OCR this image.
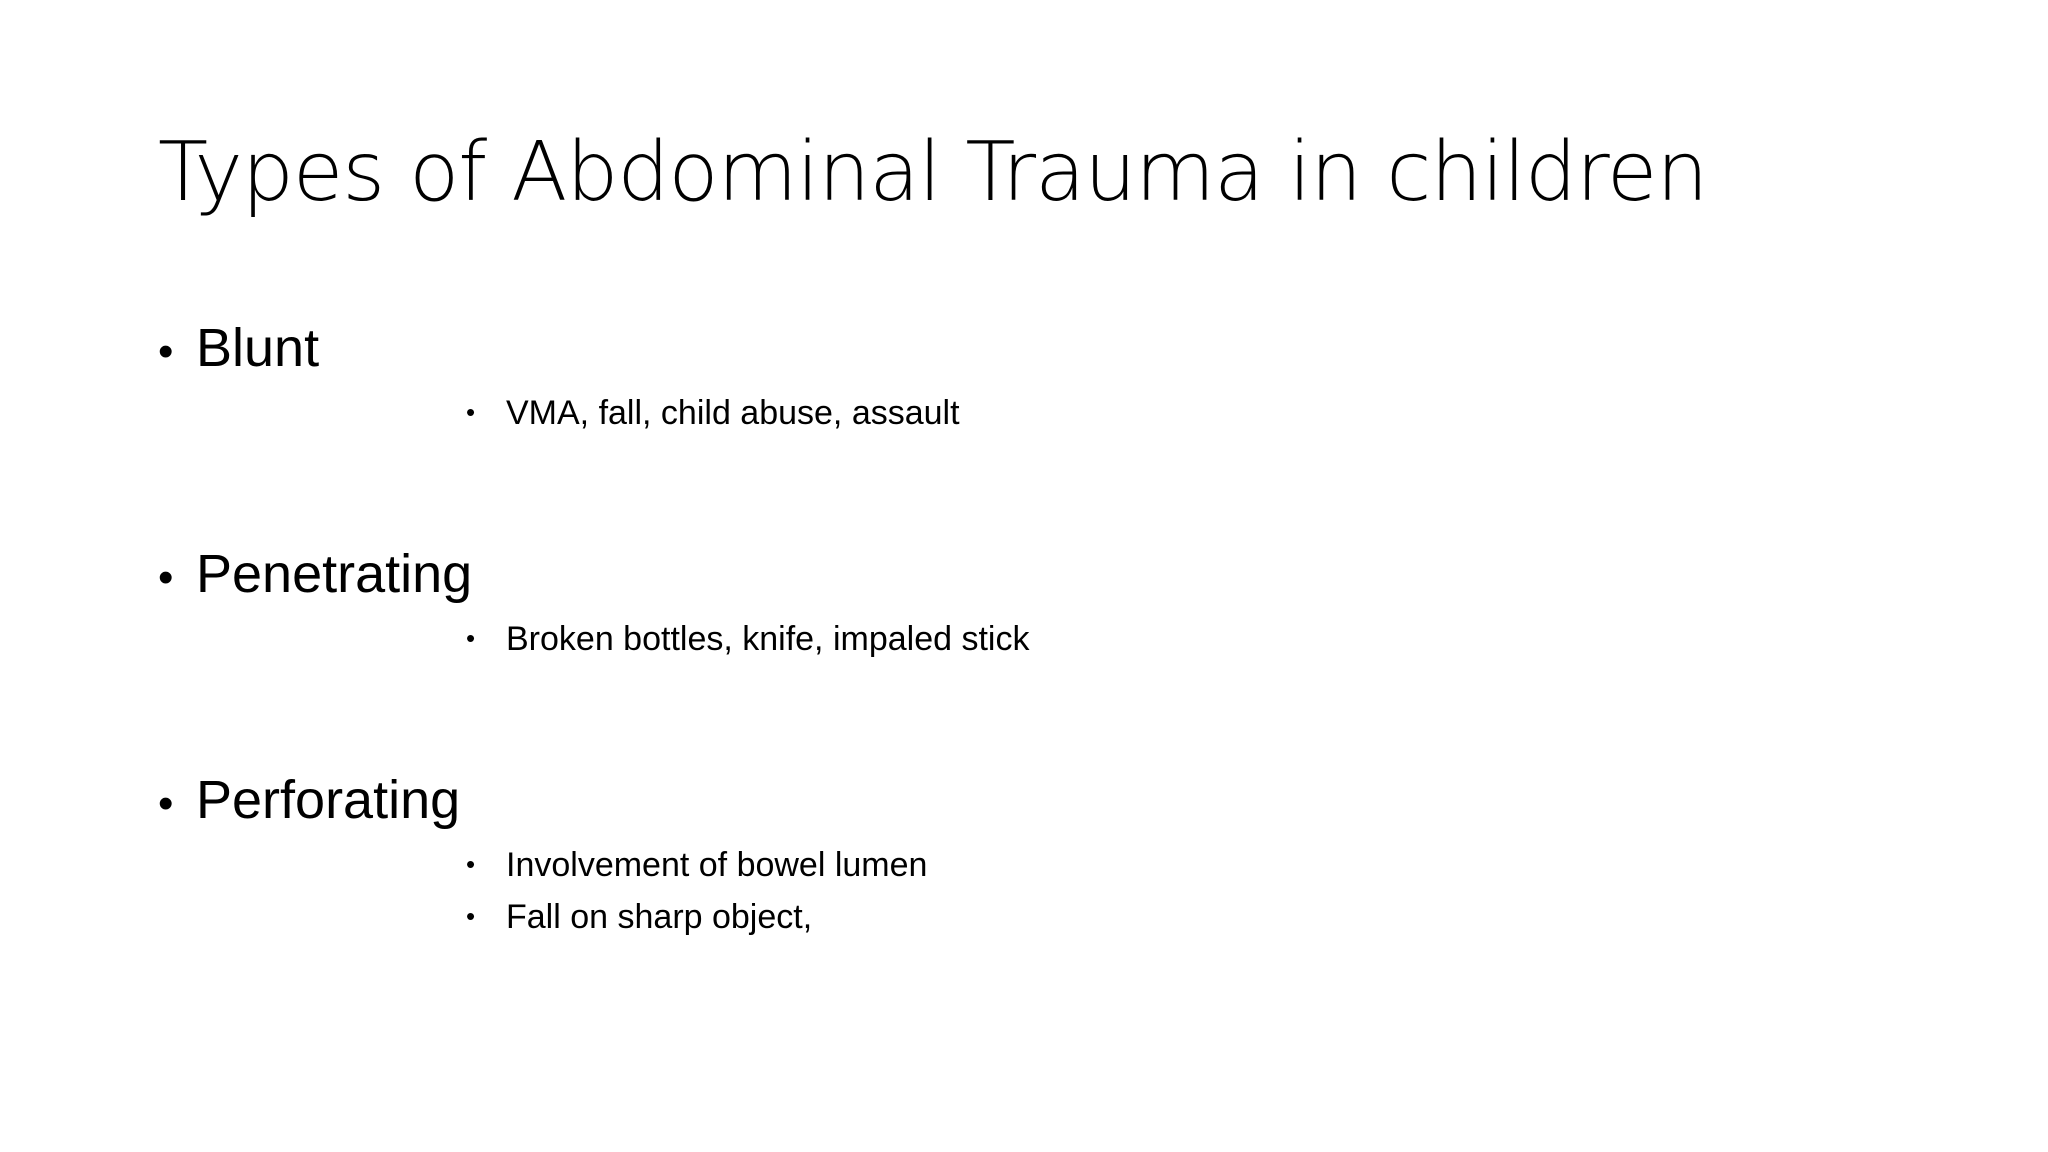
Types of Abdominal Trauma in children
• Blunt
• VMA, fall, child abuse, assault
• Penetrating
• Broken bottles, knife, impaled stick
• Perforating
• Involvement of bowel lumen
• Fall on sharp object,
